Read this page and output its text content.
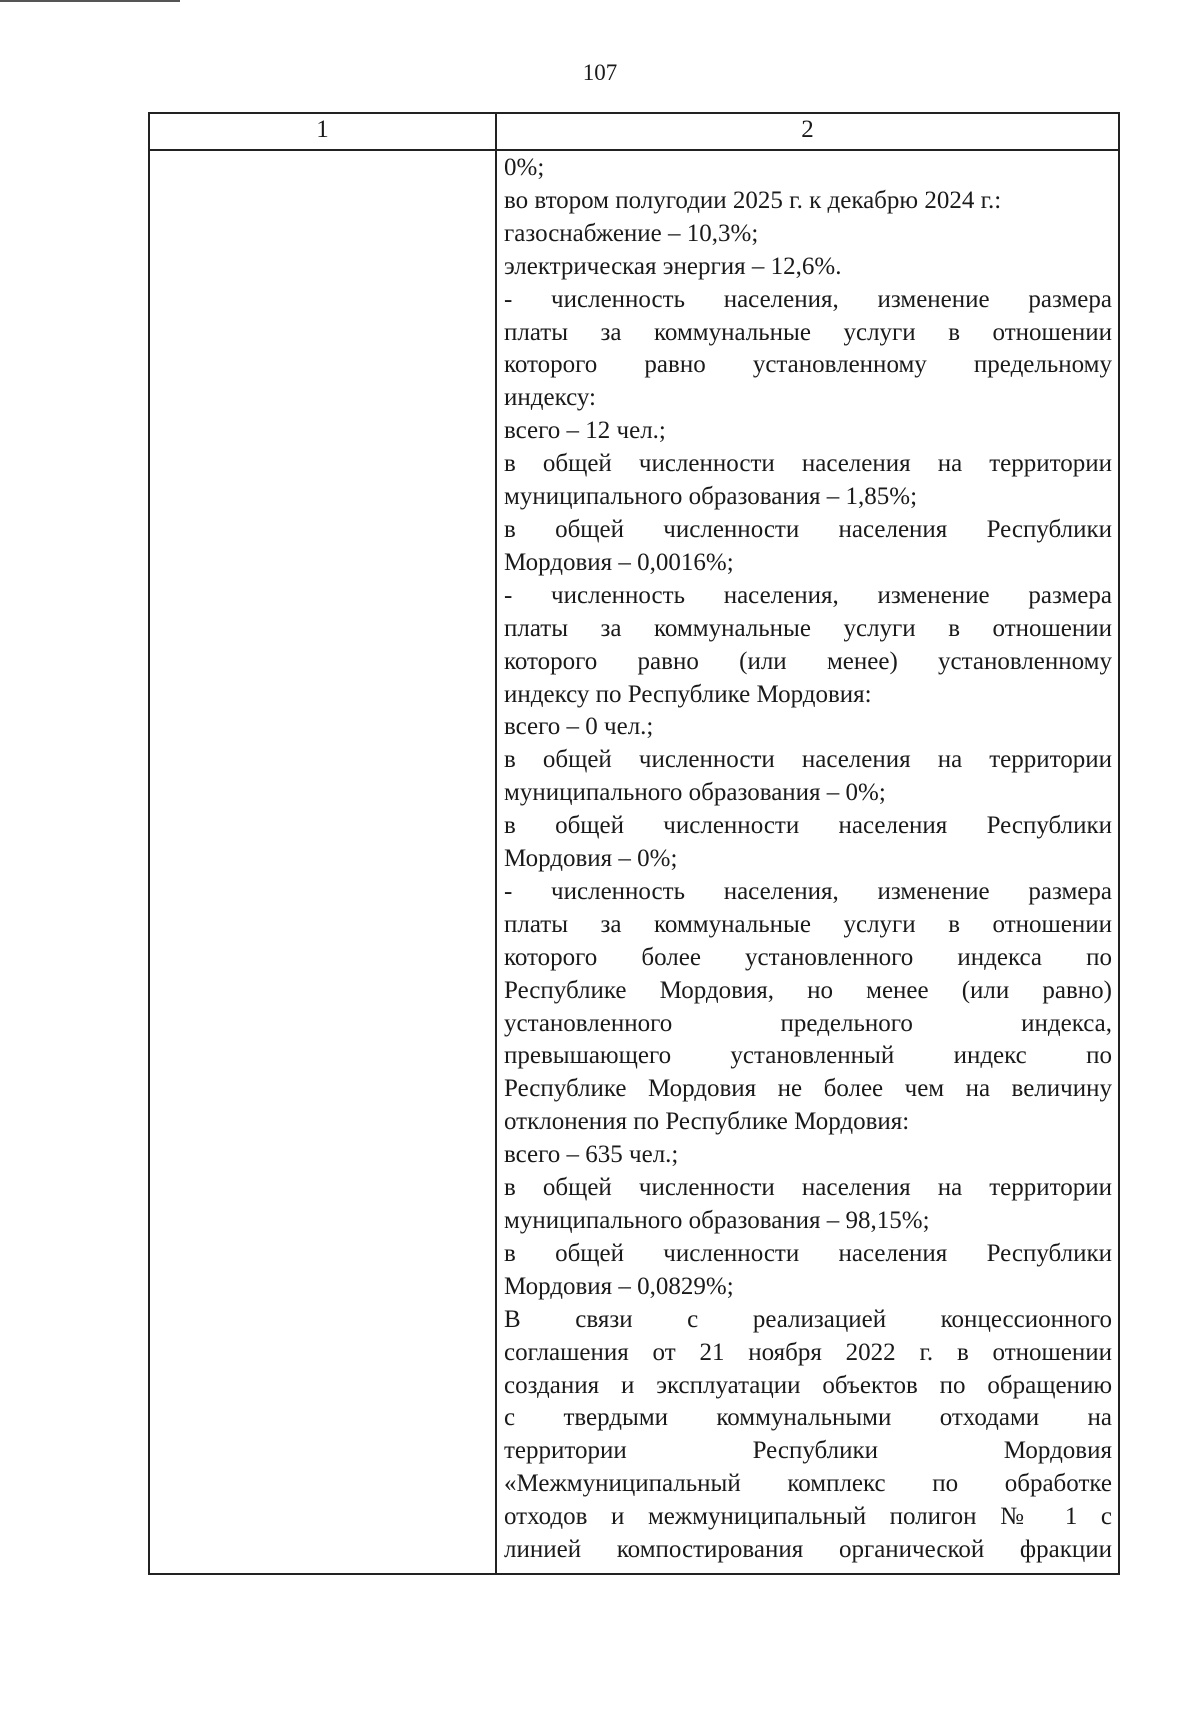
107
1	2
0%;
во втором полугодии 2025 г. к декабрю 2024 г.:
газоснабжение – 10,3%;
электрическая энергия – 12,6%.
- численность населения, изменение размера
платы за коммунальные услуги в отношении
которого равно установленному предельному
индексу:
всего – 12 чел.;
в общей численности населения на территории
муниципального образования – 1,85%;
в общей численности населения Республики
Мордовия – 0,0016%;
- численность населения, изменение размера
платы за коммунальные услуги в отношении
которого равно (или менее) установленному
индексу по Республике Мордовия:
всего – 0 чел.;
в общей численности населения на территории
муниципального образования – 0%;
в общей численности населения Республики
Мордовия – 0%;
- численность населения, изменение размера
платы за коммунальные услуги в отношении
которого более установленного индекса по
Республике Мордовия, но менее (или равно)
установленного предельного индекса,
превышающего установленный индекс по
Республике Мордовия не более чем на величину
отклонения по Республике Мордовия:
всего – 635 чел.;
в общей численности населения на территории
муниципального образования – 98,15%;
в общей численности населения Республики
Мордовия – 0,0829%;
В связи с реализацией концессионного
соглашения от 21 ноября 2022 г. в отношении
создания и эксплуатации объектов по обращению
с твердыми коммунальными отходами на
территории Республики Мордовия
«Межмуниципальный комплекс по обработке
отходов и межмуниципальный полигон № 1 с
линией компостирования органической фракции
